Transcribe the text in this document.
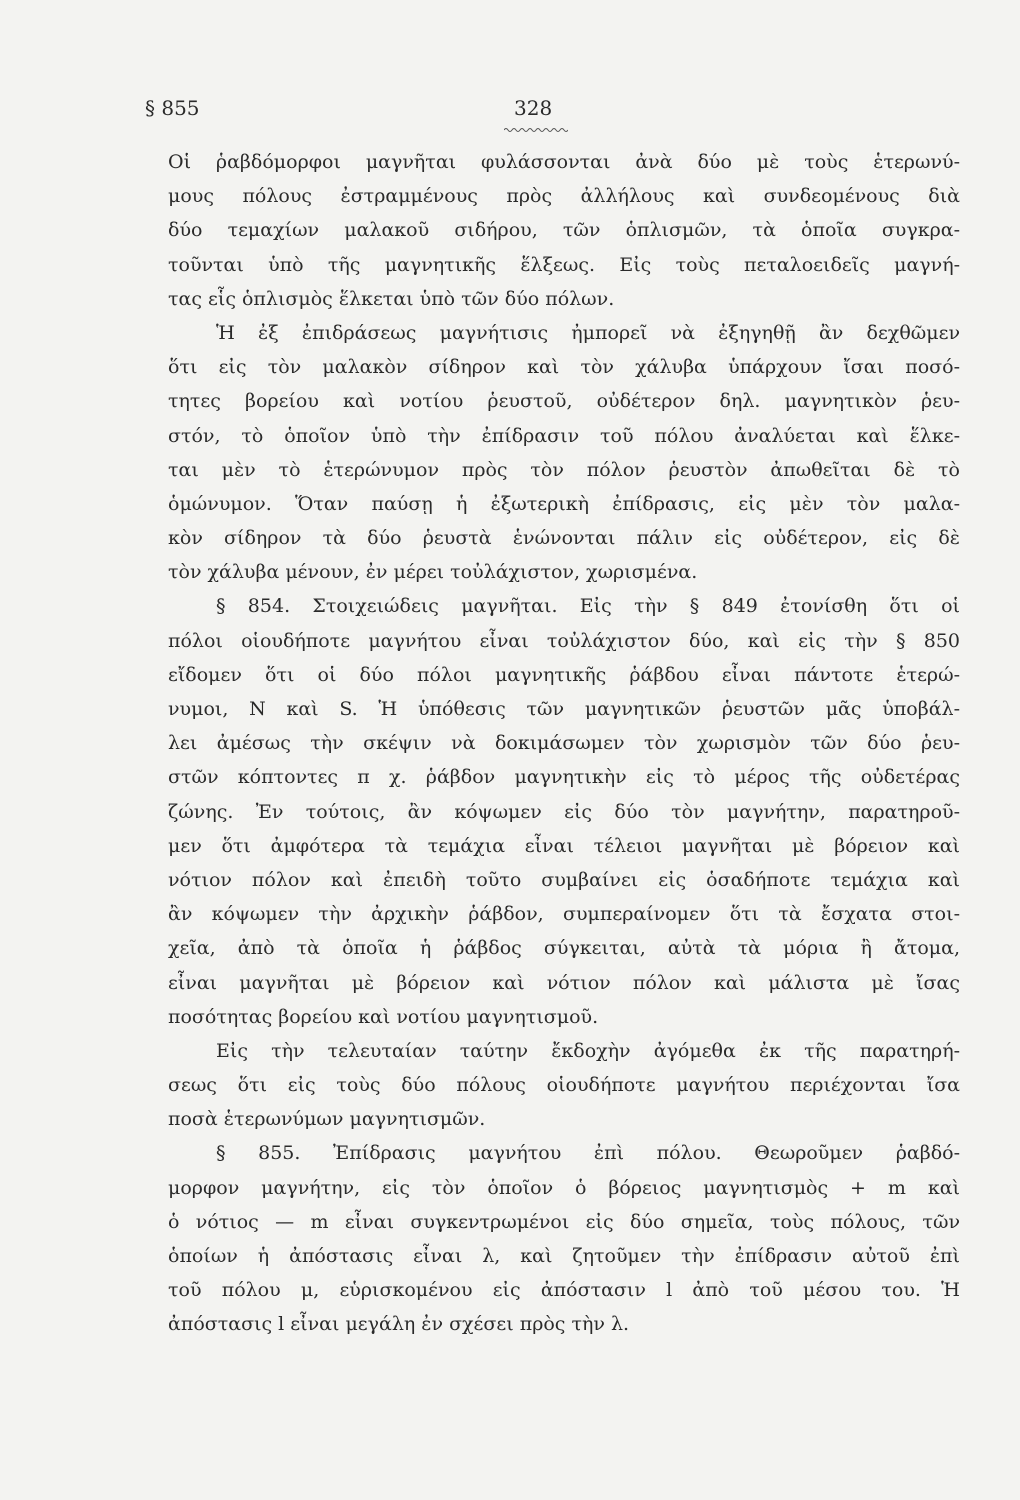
§ 855	328
Οἱ ῥαβδόμορφοι μαγνῆται φυλάσσονται ἀνὰ δύο μὲ τοὺς ἑτερωνύ-
μους πόλους ἐστραμμένους πρὸς ἀλλήλους καὶ συνδεομένους διὰ
δύο τεμαχίων μαλακοῦ σιδήρου, τῶν ὁπλισμῶν, τὰ ὁποῖα συγκρα-
τοῦνται ὑπὸ τῆς μαγνητικῆς ἕλξεως. Εἰς τοὺς πεταλοειδεῖς μαγνή-
τας εἷς ὁπλισμὸς ἕλκεται ὑπὸ τῶν δύο πόλων.
Ἡ ἐξ ἐπιδράσεως μαγνήτισις ἠμπορεῖ νὰ ἐξηγηθῇ ἂν δεχθῶμεν
ὅτι εἰς τὸν μαλακὸν σίδηρον καὶ τὸν χάλυβα ὑπάρχουν ἴσαι ποσό-
τητες βορείου καὶ νοτίου ῥευστοῦ, οὐδέτερον δηλ. μαγνητικὸν ῥευ-
στόν, τὸ ὁποῖον ὑπὸ τὴν ἐπίδρασιν τοῦ πόλου ἀναλύεται καὶ ἕλκε-
ται μὲν τὸ ἑτερώνυμον πρὸς τὸν πόλον ῥευστὸν ἀπωθεῖται δὲ τὸ
ὁμώνυμον. Ὅταν παύσῃ ἡ ἐξωτερικὴ ἐπίδρασις, εἰς μὲν τὸν μαλα-
κὸν σίδηρον τὰ δύο ῥευστὰ ἑνώνονται πάλιν εἰς οὐδέτερον, εἰς δὲ
τὸν χάλυβα μένουν, ἐν μέρει τοὐλάχιστον, χωρισμένα.
§ 854. Στοιχειώδεις μαγνῆται. Εἰς τὴν § 849 ἐτονίσθη ὅτι οἱ
πόλοι οἱουδήποτε μαγνήτου εἶναι τοὐλάχιστον δύο, καὶ εἰς τὴν § 850
εἴδομεν ὅτι οἱ δύο πόλοι μαγνητικῆς ῥάβδου εἶναι πάντοτε ἑτερώ-
νυμοι, Ν καὶ S. Ἡ ὑπόθεσις τῶν μαγνητικῶν ῥευστῶν μᾶς ὑποβάλ-
λει ἀμέσως τὴν σκέψιν νὰ δοκιμάσωμεν τὸν χωρισμὸν τῶν δύο ῥευ-
στῶν κόπτοντες π χ. ῥάβδον μαγνητικὴν εἰς τὸ μέρος τῆς οὐδετέρας
ζώνης. Ἐν τούτοις, ἂν κόψωμεν εἰς δύο τὸν μαγνήτην, παρατηροῦ-
μεν ὅτι ἀμφότερα τὰ τεμάχια εἶναι τέλειοι μαγνῆται μὲ βόρειον καὶ
νότιον πόλον καὶ ἐπειδὴ τοῦτο συμβαίνει εἰς ὁσαδήποτε τεμάχια καὶ
ἂν κόψωμεν τὴν ἀρχικὴν ῥάβδον, συμπεραίνομεν ὅτι τὰ ἔσχατα στοι-
χεῖα, ἀπὸ τὰ ὁποῖα ἡ ῥάβδος σύγκειται, αὐτὰ τὰ μόρια ἢ ἄτομα,
εἶναι μαγνῆται μὲ βόρειον καὶ νότιον πόλον καὶ μάλιστα μὲ ἴσας
ποσότητας βορείου καὶ νοτίου μαγνητισμοῦ.
Εἰς τὴν τελευταίαν ταύτην ἔκδοχὴν ἀγόμεθα ἐκ τῆς παρατηρή-
σεως ὅτι εἰς τοὺς δύο πόλους οἱουδήποτε μαγνήτου περιέχονται ἴσα
ποσὰ ἑτερωνύμων μαγνητισμῶν.
§ 855. Ἐπίδρασις μαγνήτου ἐπὶ πόλου. Θεωροῦμεν ῥαβδό-
μορφον μαγνήτην, εἰς τὸν ὁποῖον ὁ βόρειος μαγνητισμὸς + m καὶ
ὁ νότιος — m εἶναι συγκεντρωμένοι εἰς δύο σημεῖα, τοὺς πόλους, τῶν
ὁποίων ἡ ἀπόστασις εἶναι λ, καὶ ζητοῦμεν τὴν ἐπίδρασιν αὐτοῦ ἐπὶ
τοῦ πόλου μ, εὑρισκομένου εἰς ἀπόστασιν l ἀπὸ τοῦ μέσου του. Ἡ
ἀπόστασις l εἶναι μεγάλη ἐν σχέσει πρὸς τὴν λ.
